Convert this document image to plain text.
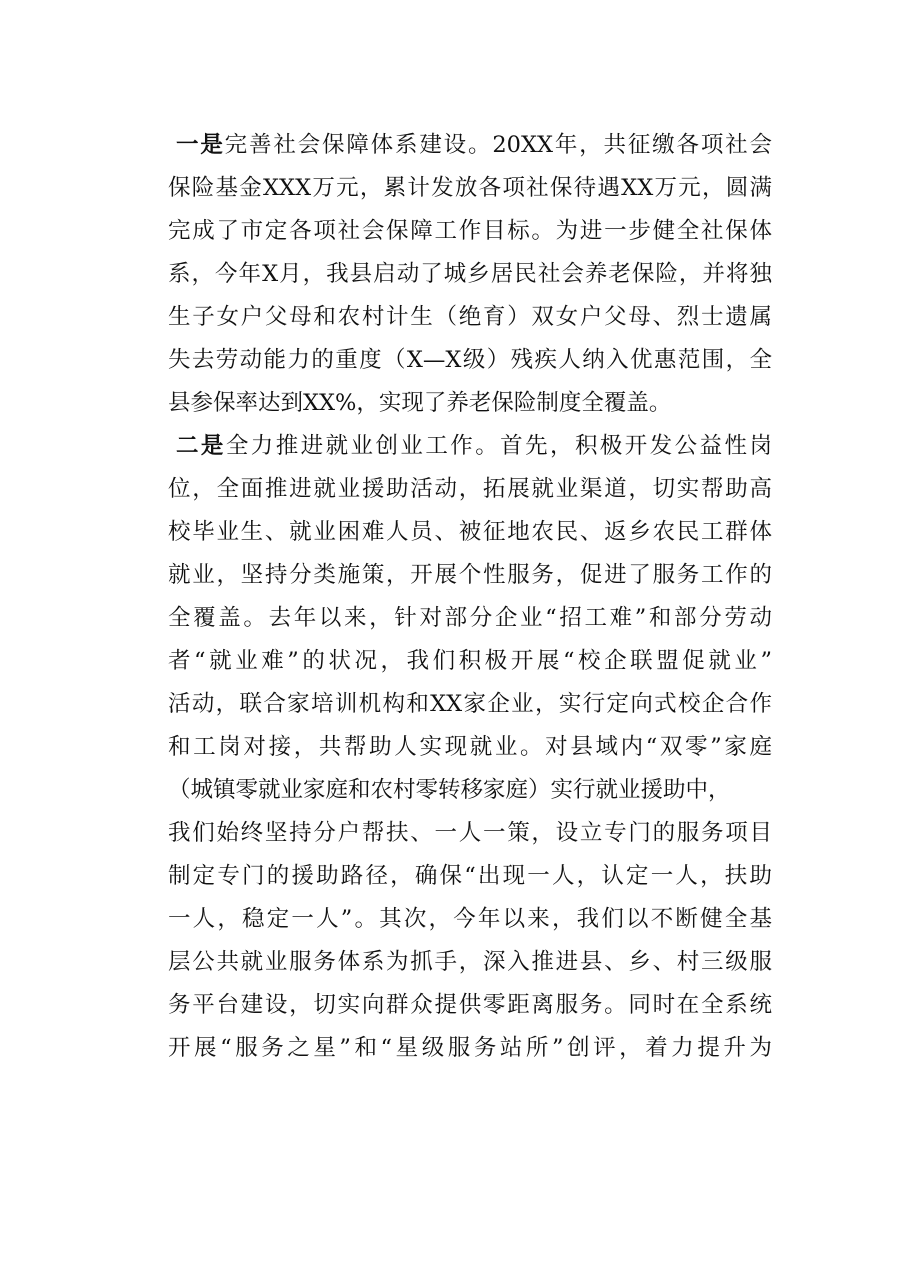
一是完善社会保障体系建设。20XX年，共征缴各项社会
保险基金XXX万元，累计发放各项社保待遇XX万元，圆满
完成了市定各项社会保障工作目标。为进一步健全社保体
系，今年X月，我县启动了城乡居民社会养老保险，并将独
生子女户父母和农村计生（绝育）双女户父母、烈士遗属
失去劳动能力的重度（X—X级）残疾人纳入优惠范围，全
县参保率达到XX%，实现了养老保险制度全覆盖。
二是全力推进就业创业工作。首先，积极开发公益性岗
位，全面推进就业援助活动，拓展就业渠道，切实帮助高
校毕业生、就业困难人员、被征地农民、返乡农民工群体
就业，坚持分类施策，开展个性服务，促进了服务工作的
全覆盖。去年以来，针对部分企业“招工难”和部分劳动
者“就业难”的状况，我们积极开展“校企联盟促就业”
活动，联合家培训机构和XX家企业，实行定向式校企合作
和工岗对接，共帮助人实现就业。对县域内“双零”家庭
（城镇零就业家庭和农村零转移家庭）实行就业援助中，
我们始终坚持分户帮扶、一人一策，设立专门的服务项目
制定专门的援助路径，确保“出现一人，认定一人，扶助
一人，稳定一人”。其次，今年以来，我们以不断健全基
层公共就业服务体系为抓手，深入推进县、乡、村三级服
务平台建设，切实向群众提供零距离服务。同时在全系统
开展“服务之星”和“星级服务站所”创评，着力提升为
